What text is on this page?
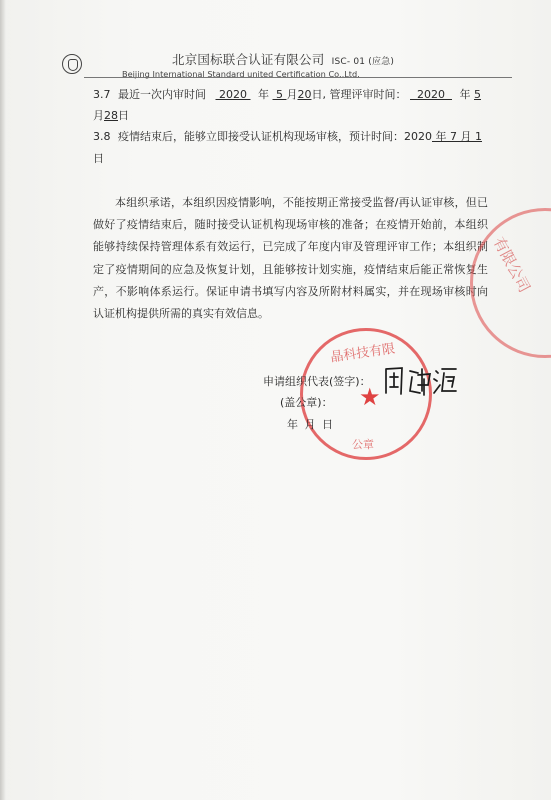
北京国标联合认证有限公司 ISC- 01 (应急)
Beijing International Standard united Certification Co.,Ltd.
3.7 最近一次内审时间 2020 年 5 月20日, 管理评审时间： 2020 年 5
月28日
3.8 疫情结束后，能够立即接受认证机构现场审核，预计时间：2020 年 7 月 1
日
本组织承诺，本组织因疫情影响，不能按期正常接受监督/再认证审核，但已做好了疫情结束后，随时接受认证机构现场审核的准备；在疫情开始前，本组织能够持续保持管理体系有效运行，已完成了年度内审及管理评审工作；本组织制定了疫情期间的应急及恢复计划，且能够按计划实施，疫情结束后能正常恢复生产，不影响体系运行。保证申请书填写内容及所附材料属实，并在现场审核时向认证机构提供所需的真实有效信息。
有限公司
晶科技有限
公章
★
申请组织代表(签字)：
(盖公章)：
年 月 日
